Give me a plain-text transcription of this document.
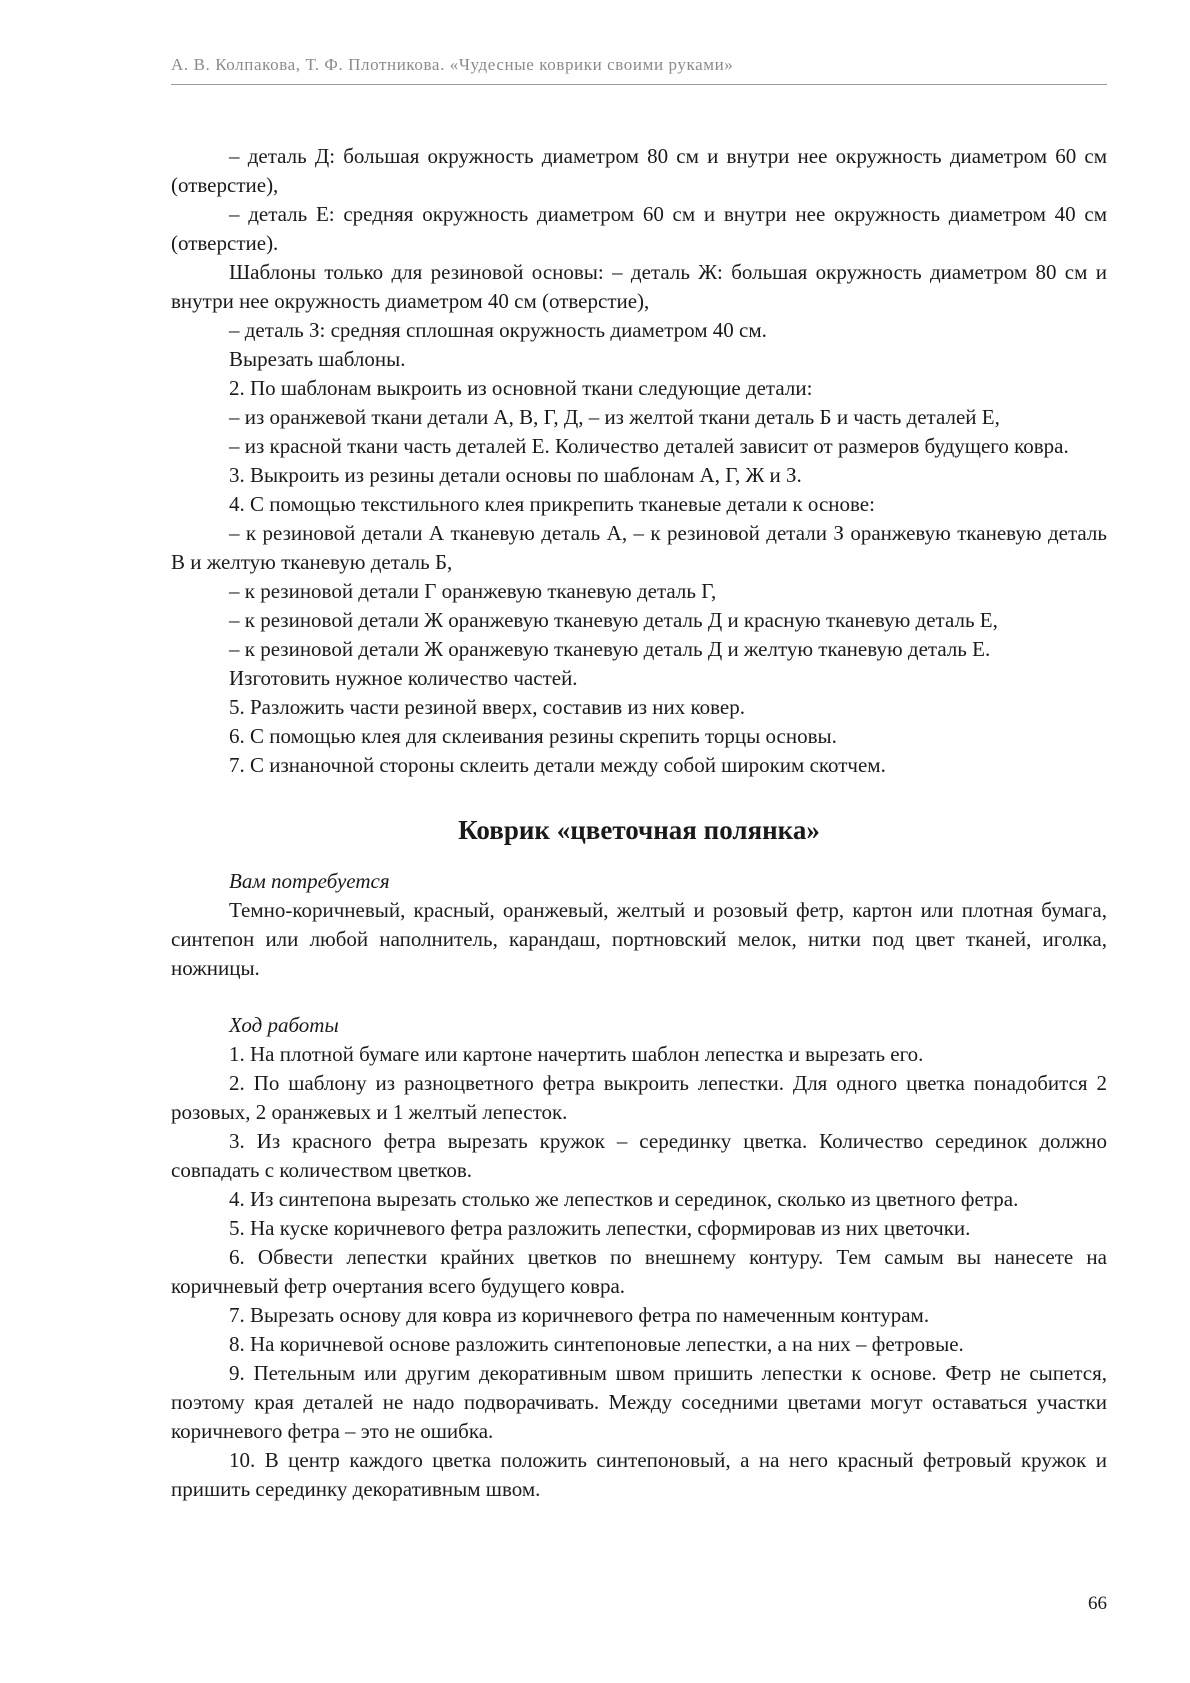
А. В. Колпакова, Т. Ф. Плотникова. «Чудесные коврики своими руками»

– деталь Д: большая окружность диаметром 80 см и внутри нее окружность диаметром 60 см (отверстие),

– деталь Е: средняя окружность диаметром 60 см и внутри нее окружность диаметром 40 см (отверстие).

Шаблоны только для резиновой основы: – деталь Ж: большая окружность диаметром 80 см и внутри нее окружность диаметром 40 см (отверстие),

– деталь З: средняя сплошная окружность диаметром 40 см.

Вырезать шаблоны.

2. По шаблонам выкроить из основной ткани следующие детали:

– из оранжевой ткани детали А, В, Г, Д, – из желтой ткани деталь Б и часть деталей Е,

– из красной ткани часть деталей Е. Количество деталей зависит от размеров будущего ковра.

3. Выкроить из резины детали основы по шаблонам А, Г, Ж и З.

4. С помощью текстильного клея прикрепить тканевые детали к основе:

– к резиновой детали А тканевую деталь А, – к резиновой детали З оранжевую тканевую деталь В и желтую тканевую деталь Б,

– к резиновой детали Г оранжевую тканевую деталь Г,

– к резиновой детали Ж оранжевую тканевую деталь Д и красную тканевую деталь Е,

– к резиновой детали Ж оранжевую тканевую деталь Д и желтую тканевую деталь Е.

Изготовить нужное количество частей.

5. Разложить части резиной вверх, составив из них ковер.

6. С помощью клея для склеивания резины скрепить торцы основы.

7. С изнаночной стороны склеить детали между собой широким скотчем.

Коврик «цветочная полянка»

Вам потребуется

Темно-коричневый, красный, оранжевый, желтый и розовый фетр, картон или плотная бумага, синтепон или любой наполнитель, карандаш, портновский мелок, нитки под цвет тканей, иголка, ножницы.

Ход работы

1. На плотной бумаге или картоне начертить шаблон лепестка и вырезать его.

2. По шаблону из разноцветного фетра выкроить лепестки. Для одного цветка понадобится 2 розовых, 2 оранжевых и 1 желтый лепесток.

3. Из красного фетра вырезать кружок – серединку цветка. Количество серединок должно совпадать с количеством цветков.

4. Из синтепона вырезать столько же лепестков и серединок, сколько из цветного фетра.

5. На куске коричневого фетра разложить лепестки, сформировав из них цветочки.

6. Обвести лепестки крайних цветков по внешнему контуру. Тем самым вы нанесете на коричневый фетр очертания всего будущего ковра.

7. Вырезать основу для ковра из коричневого фетра по намеченным контурам.

8. На коричневой основе разложить синтепоновые лепестки, а на них – фетровые.

9. Петельным или другим декоративным швом пришить лепестки к основе. Фетр не сыпется, поэтому края деталей не надо подворачивать. Между соседними цветами могут оставаться участки коричневого фетра – это не ошибка.

10. В центр каждого цветка положить синтепоновый, а на него красный фетровый кружок и пришить серединку декоративным швом.

66
